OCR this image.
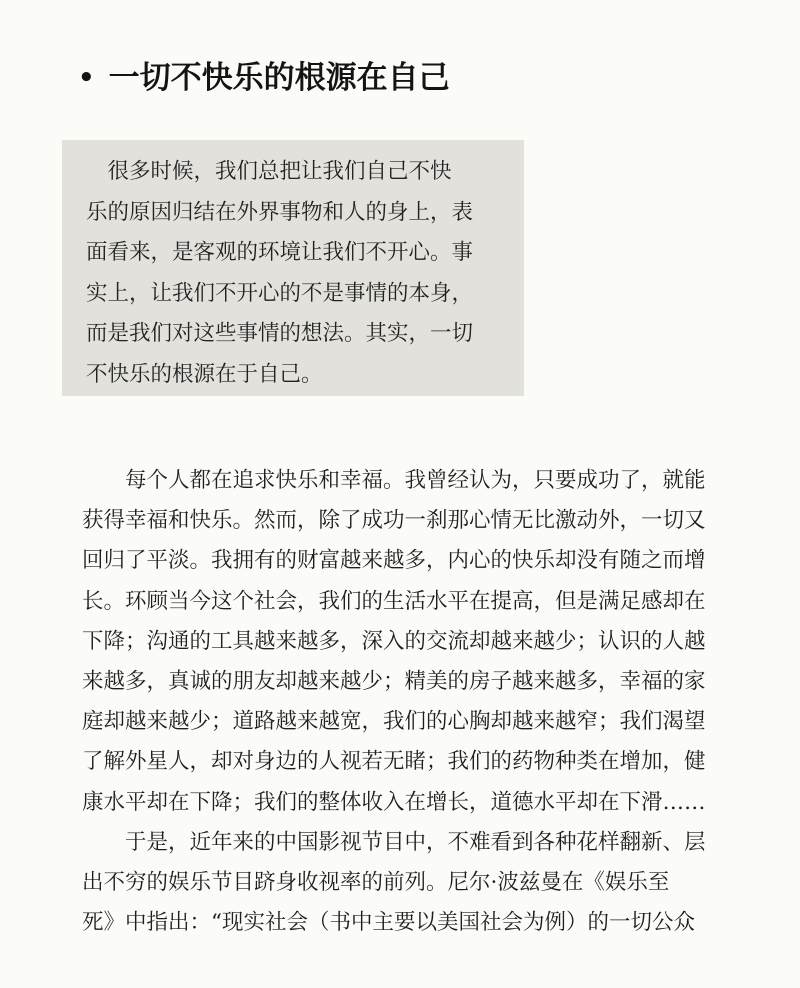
• 一切不快乐的根源在自己
　很多时候，我们总把让我们自己不快
乐的原因归结在外界事物和人的身上，表
面看来，是客观的环境让我们不开心。事
实上，让我们不开心的不是事情的本身，
而是我们对这些事情的想法。其实，一切
不快乐的根源在于自己。
　　每个人都在追求快乐和幸福。我曾经认为，只要成功了，就能
获得幸福和快乐。然而，除了成功一刹那心情无比激动外，一切又
回归了平淡。我拥有的财富越来越多，内心的快乐却没有随之而增
长。环顾当今这个社会，我们的生活水平在提高，但是满足感却在
下降；沟通的工具越来越多，深入的交流却越来越少；认识的人越
来越多，真诚的朋友却越来越少；精美的房子越来越多，幸福的家
庭却越来越少；道路越来越宽，我们的心胸却越来越窄；我们渴望
了解外星人，却对身边的人视若无睹；我们的药物种类在增加，健
康水平却在下降；我们的整体收入在增长，道德水平却在下滑……
　　于是，近年来的中国影视节目中，不难看到各种花样翻新、层
出不穷的娱乐节目跻身收视率的前列。尼尔·波兹曼在《娱乐至
死》中指出：“现实社会（书中主要以美国社会为例）的一切公众
